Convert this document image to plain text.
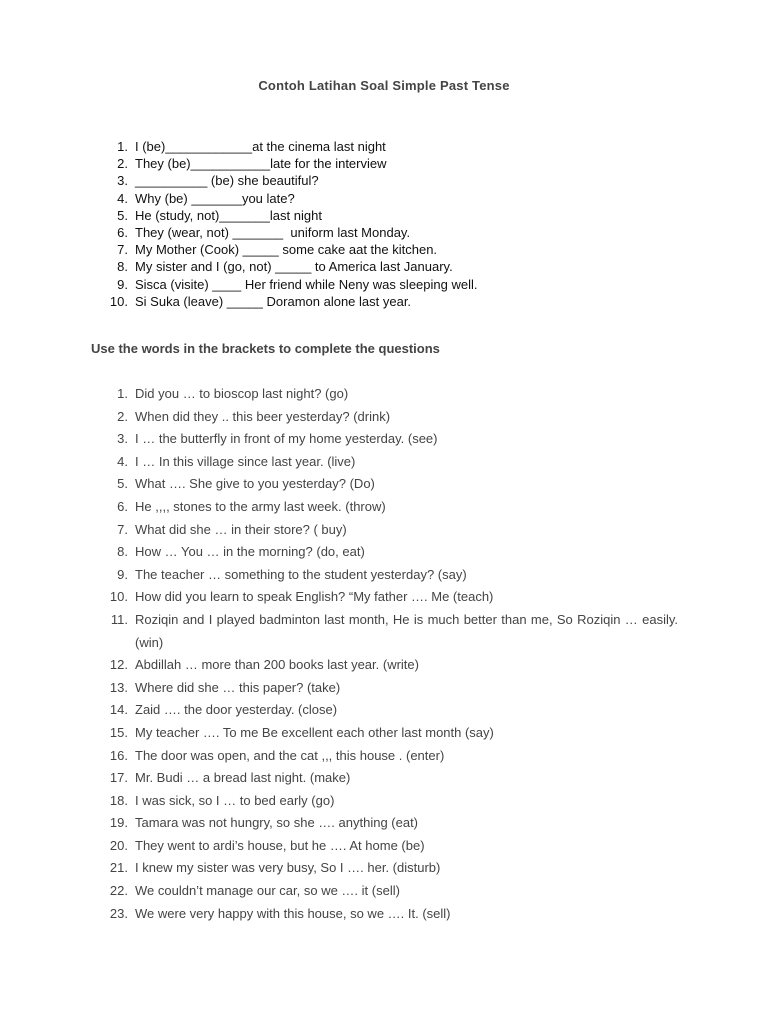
Contoh Latihan Soal Simple Past Tense
1. I (be)____________at the cinema last night
2. They (be)___________late for the interview
3. __________ (be) she beautiful?
4. Why (be) _______you late?
5. He (study, not)_______last night
6. They (wear, not) _______  uniform last Monday.
7. My Mother (Cook) _____ some cake aat the kitchen.
8. My sister and I (go, not) _____ to America last January.
9. Sisca (visite) ____ Her friend while Neny was sleeping well.
10. Si Suka (leave) _____ Doramon alone last year.
Use the words in the brackets to complete the questions
1. Did you … to bioscop last night? (go)
2. When did they .. this beer yesterday? (drink)
3. I … the butterfly in front of my home yesterday. (see)
4. I … In this village since last year. (live)
5. What …. She give to you yesterday? (Do)
6. He ,,,, stones to the army last week. (throw)
7. What did she … in their store? ( buy)
8. How … You … in the morning? (do, eat)
9. The teacher … something to the student yesterday? (say)
10. How did you learn to speak English? “My father …. Me (teach)
11. Roziqin and I played badminton last month, He is much better than me, So Roziqin … easily. (win)
12. Abdillah … more than 200 books last year. (write)
13. Where did she … this paper? (take)
14. Zaid …. the door yesterday. (close)
15. My teacher …. To me Be excellent each other last month (say)
16. The door was open, and the cat ,,, this house . (enter)
17. Mr. Budi … a bread last night. (make)
18. I was sick, so I … to bed early (go)
19. Tamara was not hungry, so she …. anything (eat)
20. They went to ardi’s house, but he …. At home (be)
21. I knew my sister was very busy, So I …. her. (disturb)
22. We couldn’t manage our car, so we …. it (sell)
23. We were very happy with this house, so we …. It. (sell)
